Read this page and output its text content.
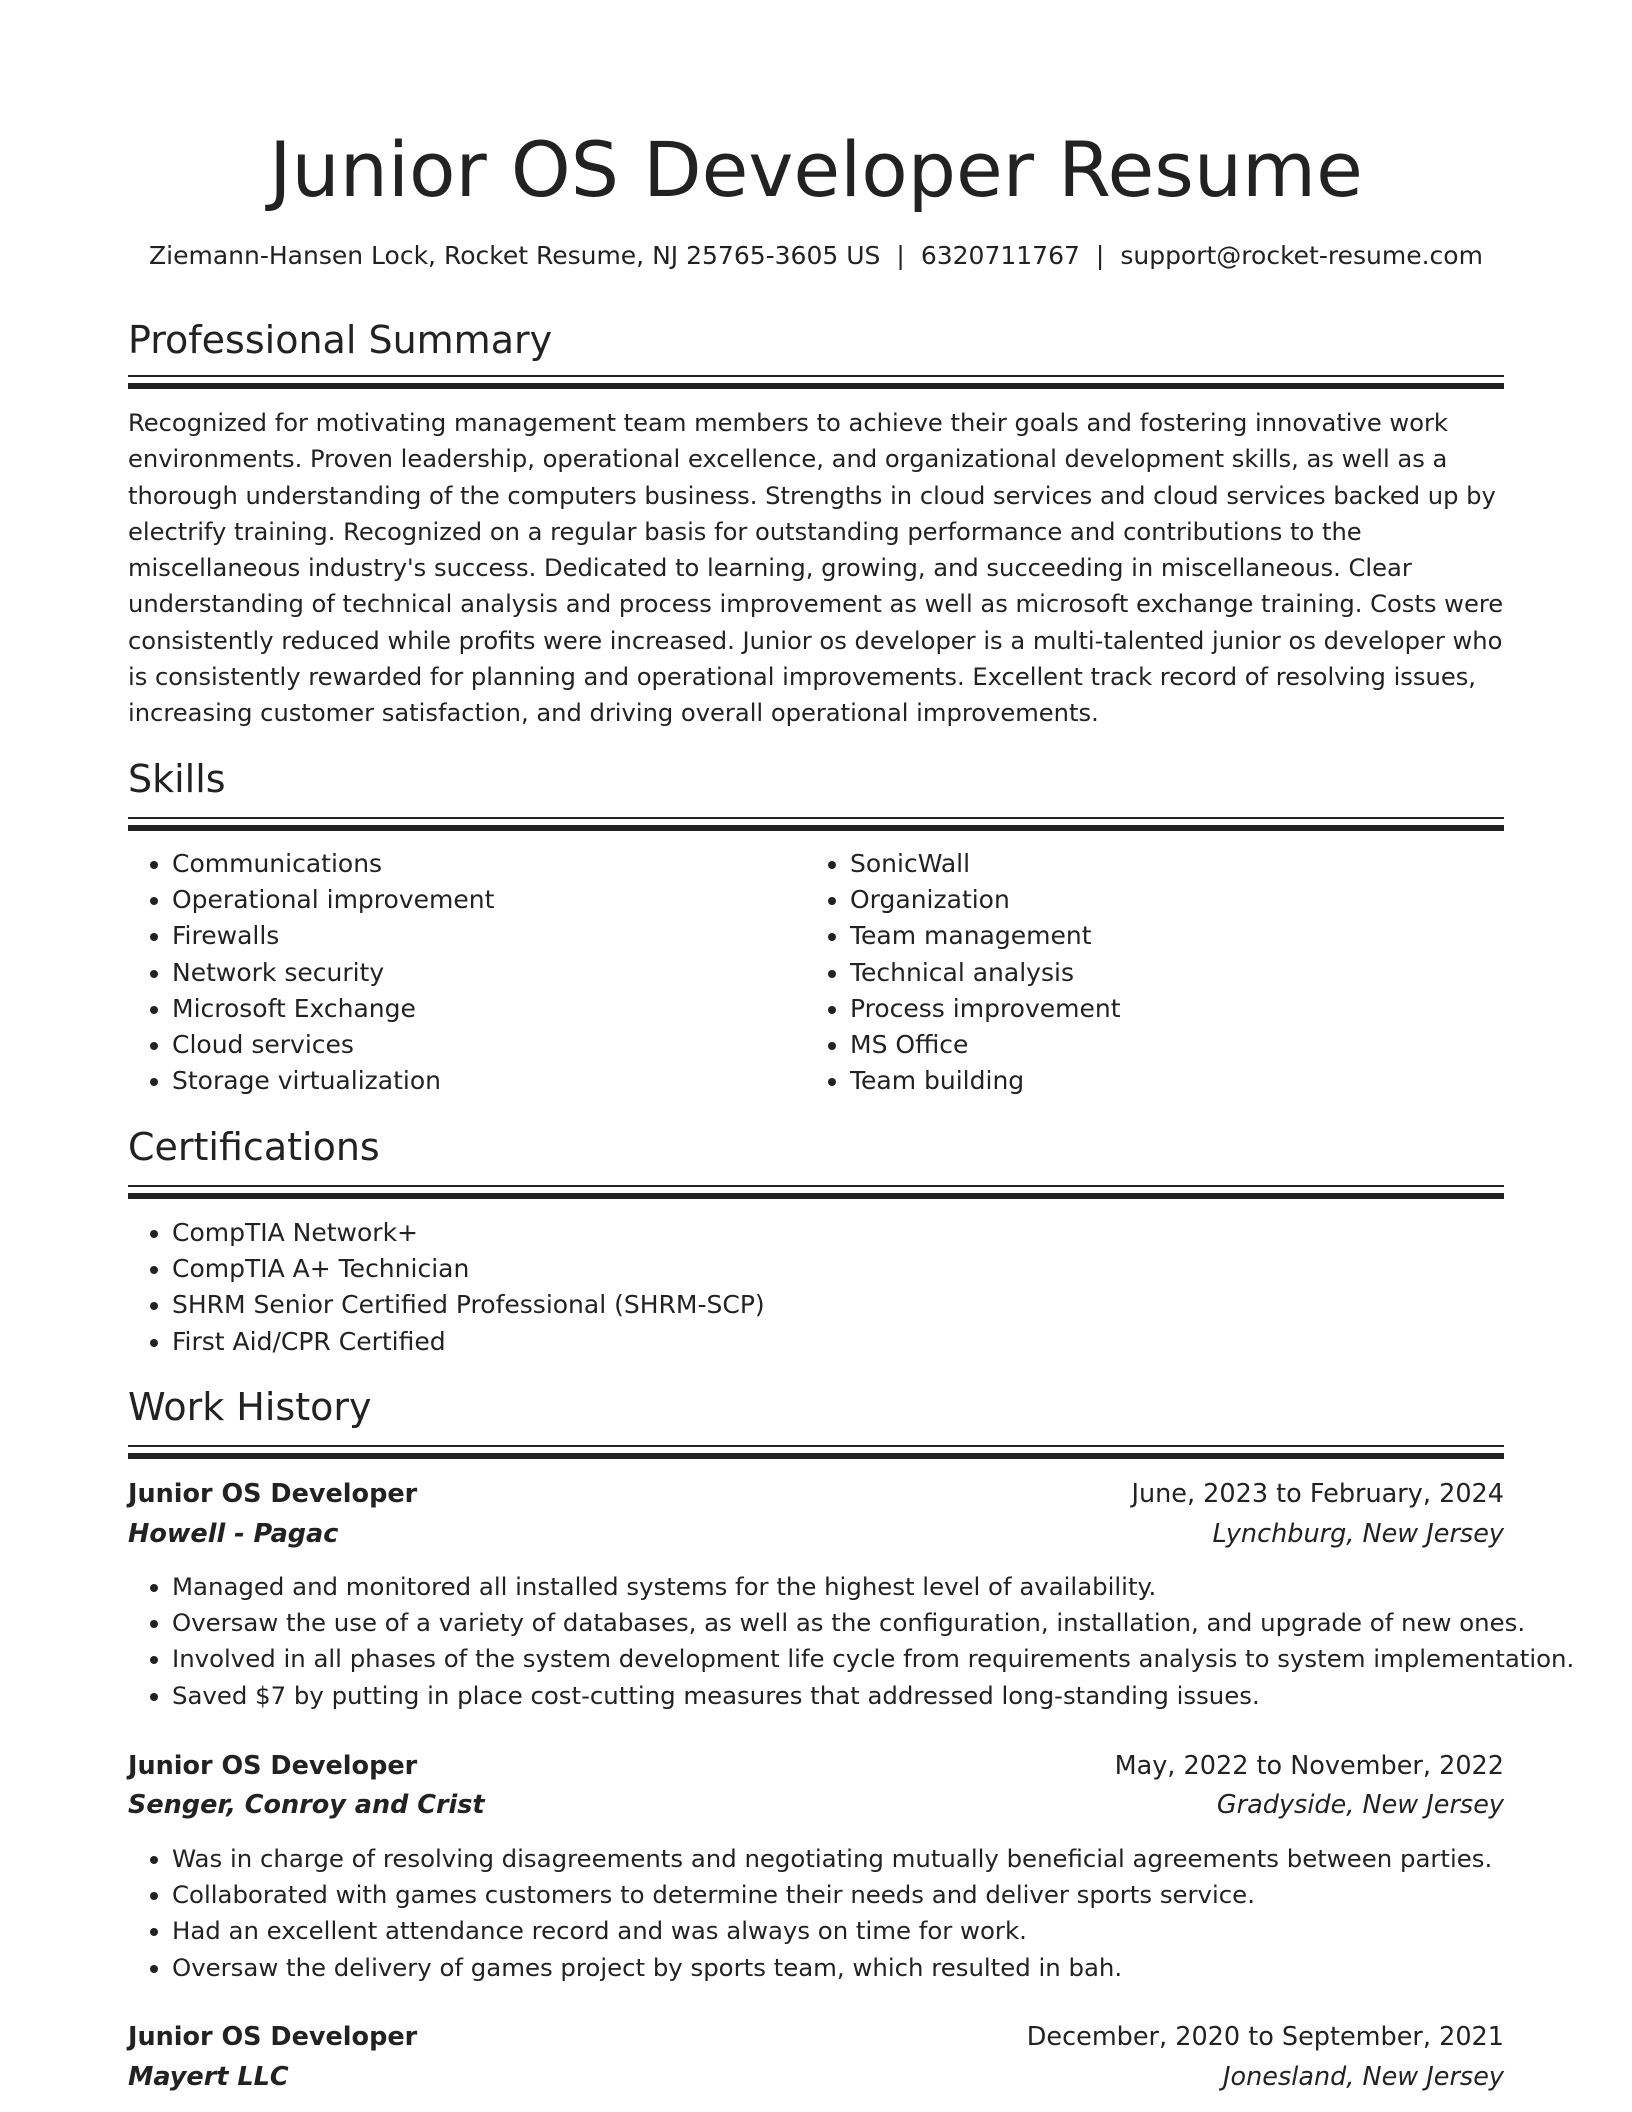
Junior OS Developer Resume
Ziemann-Hansen Lock, Rocket Resume, NJ 25765-3605 US | 6320711767 | support@rocket-resume.com
Professional Summary

Recognized for motivating management team members to achieve their goals and fostering innovative work environments. Proven leadership, operational excellence, and organizational development skills, as well as a thorough understanding of the computers business. Strengths in cloud services and cloud services backed up by electrify training. Recognized on a regular basis for outstanding performance and contributions to the miscellaneous industry's success. Dedicated to learning, growing, and succeeding in miscellaneous. Clear understanding of technical analysis and process improvement as well as microsoft exchange training. Costs were consistently reduced while profits were increased. Junior os developer is a multi-talented junior os developer who is consistently rewarded for planning and operational improvements. Excellent track record of resolving issues, increasing customer satisfaction, and driving overall operational improvements.

Skills
• Communications
• Operational improvement
• Firewalls
• Network security
• Microsoft Exchange
• Cloud services
• Storage virtualization
• SonicWall
• Organization
• Team management
• Technical analysis
• Process improvement
• MS Office
• Team building
Certifications
• CompTIA Network+
• CompTIA A+ Technician
• SHRM Senior Certified Professional (SHRM-SCP)
• First Aid/CPR Certified
Work History
Junior OS Developer	June, 2023 to February, 2024
Howell - Pagac	Lynchburg, New Jersey
• Managed and monitored all installed systems for the highest level of availability.
• Oversaw the use of a variety of databases, as well as the configuration, installation, and upgrade of new ones.
• Involved in all phases of the system development life cycle from requirements analysis to system implementation.
• Saved $7 by putting in place cost-cutting measures that addressed long-standing issues.
Junior OS Developer	May, 2022 to November, 2022
Senger, Conroy and Crist	Gradyside, New Jersey
• Was in charge of resolving disagreements and negotiating mutually beneficial agreements between parties.
• Collaborated with games customers to determine their needs and deliver sports service.
• Had an excellent attendance record and was always on time for work.
• Oversaw the delivery of games project by sports team, which resulted in bah.
Junior OS Developer	December, 2020 to September, 2021
Mayert LLC	Jonesland, New Jersey
